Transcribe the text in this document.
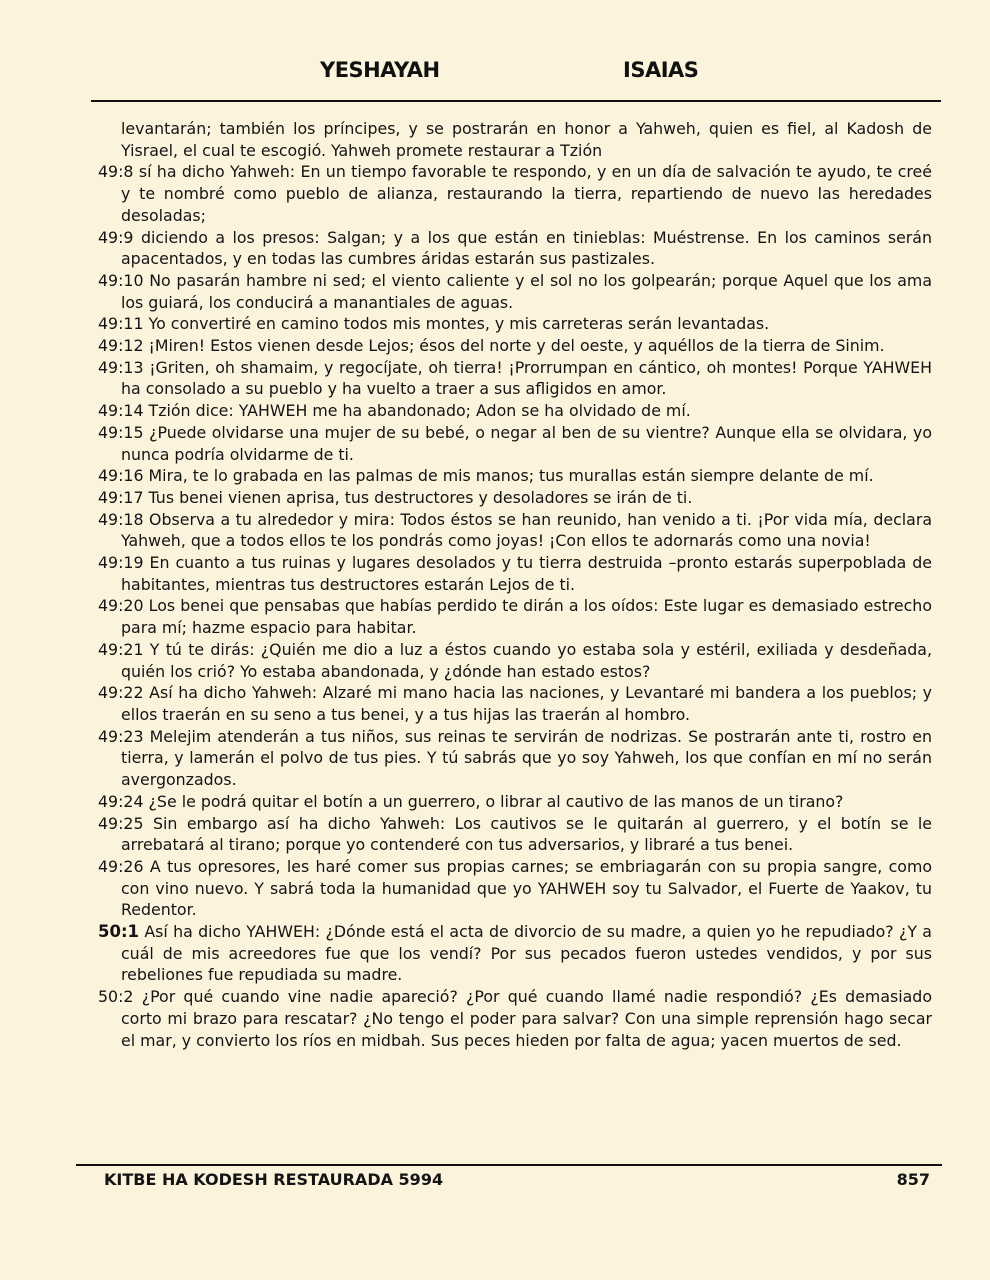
YESHAYAH	ISAIAS

levantarán; también los príncipes, y se postrarán en honor a Yahweh, quien es fiel, al Kadosh de Yisrael, el cual te escogió. Yahweh promete restaurar a Tzión

49:8 sí ha dicho Yahweh: En un tiempo favorable te respondo, y en un día de salvación te ayudo, te creé y te nombré como pueblo de alianza, restaurando la tierra, repartiendo de nuevo las heredades desoladas;

49:9 diciendo a los presos: Salgan; y a los que están en tinieblas: Muéstrense. En los caminos serán apacentados, y en todas las cumbres áridas estarán sus pastizales.

49:10 No pasarán hambre ni sed; el viento caliente y el sol no los golpearán; porque Aquel que los ama los guiará, los conducirá a manantiales de aguas.

49:11 Yo convertiré en camino todos mis montes, y mis carreteras serán levantadas.

49:12 ¡Miren! Estos vienen desde Lejos; ésos del norte y del oeste, y aquéllos de la tierra de Sinim.

49:13 ¡Griten, oh shamaim, y regocíjate, oh tierra! ¡Prorrumpan en cántico, oh montes! Porque YAHWEH ha consolado a su pueblo y ha vuelto a traer a sus afligidos en amor.

49:14 Tzión dice: YAHWEH me ha abandonado; Adon se ha olvidado de mí.

49:15 ¿Puede olvidarse una mujer de su bebé, o negar al ben de su vientre? Aunque ella se olvidara, yo nunca podría olvidarme de ti.

49:16 Mira, te lo grabada en las palmas de mis manos; tus murallas están siempre delante de mí.

49:17 Tus benei vienen aprisa, tus destructores y desoladores se irán de ti.

49:18 Observa a tu alrededor y mira: Todos éstos se han reunido, han venido a ti. ¡Por vida mía, declara Yahweh, que a todos ellos te los pondrás como joyas! ¡Con ellos te adornarás como una novia!

49:19 En cuanto a tus ruinas y lugares desolados y tu tierra destruida –pronto estarás superpoblada de habitantes, mientras tus destructores estarán Lejos de ti.

49:20 Los benei que pensabas que habías perdido te dirán a los oídos: Este lugar es demasiado estrecho para mí; hazme espacio para habitar.

49:21 Y tú te dirás: ¿Quién me dio a luz a éstos cuando yo estaba sola y estéril, exiliada y desdeñada, quién los crió? Yo estaba abandonada, y ¿dónde han estado estos?

49:22 Así ha dicho Yahweh: Alzaré mi mano hacia las naciones, y Levantaré mi bandera a los pueblos; y ellos traerán en su seno a tus benei, y a tus hijas las traerán al hombro.

49:23 Melejim atenderán a tus niños, sus reinas te servirán de nodrizas. Se postrarán ante ti, rostro en tierra, y lamerán el polvo de tus pies. Y tú sabrás que yo soy Yahweh, los que confían en mí no serán avergonzados.

49:24 ¿Se le podrá quitar el botín a un guerrero, o librar al cautivo de las manos de un tirano?

49:25 Sin embargo así ha dicho Yahweh: Los cautivos se le quitarán al guerrero, y el botín se le arrebatará al tirano; porque yo contenderé con tus adversarios, y libraré a tus benei.

49:26 A tus opresores, les haré comer sus propias carnes; se embriagarán con su propia sangre, como con vino nuevo. Y sabrá toda la humanidad que yo YAHWEH soy tu Salvador, el Fuerte de Yaakov, tu Redentor.

50:1 Así ha dicho YAHWEH: ¿Dónde está el acta de divorcio de su madre, a quien yo he repudiado? ¿Y a cuál de mis acreedores fue que los vendí? Por sus pecados fueron ustedes vendidos, y por sus rebeliones fue repudiada su madre.

50:2 ¿Por qué cuando vine nadie apareció? ¿Por qué cuando llamé nadie respondió? ¿Es demasiado corto mi brazo para rescatar? ¿No tengo el poder para salvar? Con una simple reprensión hago secar el mar, y convierto los ríos en midbah. Sus peces hieden por falta de agua; yacen muertos de sed.

KITBE HA KODESH RESTAURADA 5994	857
